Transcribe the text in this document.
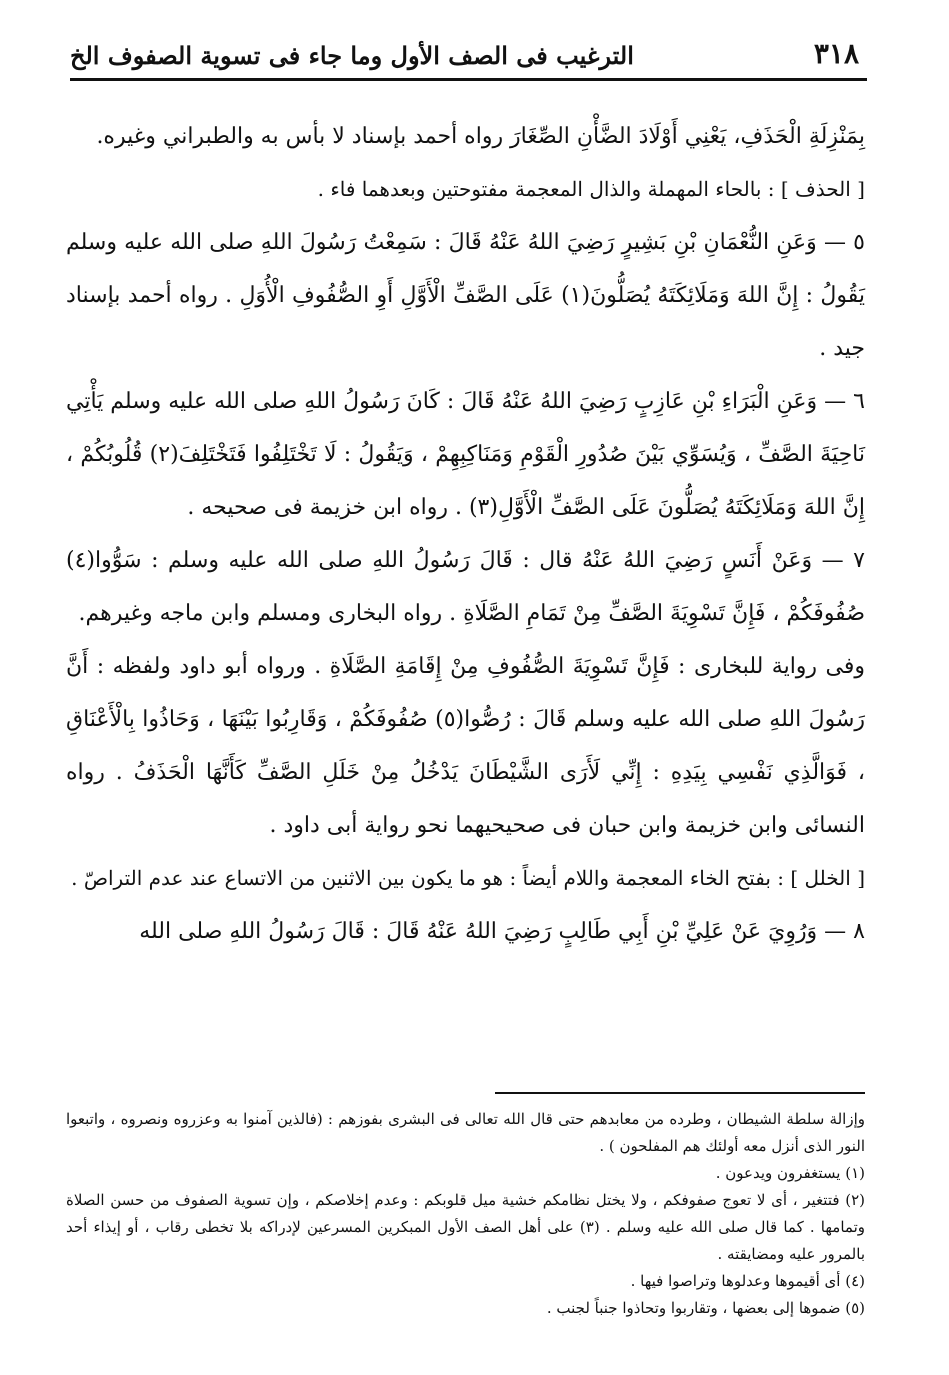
٣١٨
الترغيب فى الصف الأول وما جاء فى تسوية الصفوف الخ

بِمَنْزِلَةِ الْحَذَفِ، يَعْنِي أَوْلَادَ الضَّأْنِ الصِّغَارَ رواه أحمد بإسناد لا بأس به والطبراني وغيره.

[ الحذف ] : بالحاء المهملة والذال المعجمة مفتوحتين وبعدهما فاء .

٥ — وَعَنِ النُّعْمَانِ بْنِ بَشِيرٍ رَضِيَ اللهُ عَنْهُ قَالَ : سَمِعْتُ رَسُولَ اللهِ صلى الله عليه وسلم يَقُولُ : إِنَّ اللهَ وَمَلَائِكَتَهُ يُصَلُّونَ(١) عَلَى الصَّفِّ الْأَوَّلِ أَوِ الصُّفُوفِ الْأُوَلِ . رواه أحمد بإسناد جيد .

٦ — وَعَنِ الْبَرَاءِ بْنِ عَازِبٍ رَضِيَ اللهُ عَنْهُ قَالَ : كَانَ رَسُولُ اللهِ صلى الله عليه وسلم يَأْتِي نَاحِيَةَ الصَّفِّ ، وَيُسَوِّي بَيْنَ صُدُورِ الْقَوْمِ وَمَنَاكِبِهِمْ ، وَيَقُولُ : لَا تَخْتَلِفُوا فَتَخْتَلِفَ(٢) قُلُوبُكُمْ ، إِنَّ اللهَ وَمَلَائِكَتَهُ يُصَلُّونَ عَلَى الصَّفِّ الْأَوَّلِ(٣) . رواه ابن خزيمة فى صحيحه .

٧ — وَعَنْ أَنَسٍ رَضِيَ اللهُ عَنْهُ قال : قَالَ رَسُولُ اللهِ صلى الله عليه وسلم : سَوُّوا(٤) صُفُوفَكُمْ ، فَإِنَّ تَسْوِيَةَ الصَّفِّ مِنْ تَمَامِ الصَّلَاةِ . رواه البخارى ومسلم وابن ماجه وغيرهم.

وفى رواية للبخارى : فَإِنَّ تَسْوِيَةَ الصُّفُوفِ مِنْ إِقَامَةِ الصَّلَاةِ . ورواه أبو داود ولفظه : أَنَّ رَسُولَ اللهِ صلى الله عليه وسلم قَالَ : رُصُّوا(٥) صُفُوفَكُمْ ، وَقَارِبُوا بَيْنَهَا ، وَحَاذُوا بِالْأَعْنَاقِ ، فَوَالَّذِي نَفْسِي بِيَدِهِ : إِنِّي لَأَرَى الشَّيْطَانَ يَدْخُلُ مِنْ خَلَلِ الصَّفِّ كَأَنَّهَا الْحَذَفُ . رواه النسائى وابن خزيمة وابن حبان فى صحيحيهما نحو رواية أبى داود .

[ الخلل ] : بفتح الخاء المعجمة واللام أيضاً : هو ما يكون بين الاثنين من الاتساع عند عدم التراصّ .

٨ — وَرُوِيَ عَنْ عَلِيِّ بْنِ أَبِي طَالِبٍ رَضِيَ اللهُ عَنْهُ قَالَ : قَالَ رَسُولُ اللهِ صلى الله

وإزالة سلطة الشيطان ، وطرده من معابدهم حتى قال الله تعالى فى البشرى بفوزهم : (فالذين آمنوا به وعزروه ونصروه ، واتبعوا النور الذى أنزل معه أولئك هم المفلحون ) .

(١) يستغفرون ويدعون .

(٢) فتتغير ، أى لا تعوج صفوفكم ، ولا يختل نظامكم خشية ميل قلوبكم : وعدم إخلاصكم ، وإن تسوية الصفوف من حسن الصلاة وتمامها . كما قال صلى الله عليه وسلم . (٣) على أهل الصف الأول المبكرين المسرعين لإدراكه بلا تخطى رقاب ، أو إيذاء أحد بالمرور عليه ومضايقته .

(٤) أى أقيموها وعدلوها وتراصوا فيها .

(٥) ضموها إلى بعضها ، وتقاربوا وتحاذوا جنباً لجنب .
